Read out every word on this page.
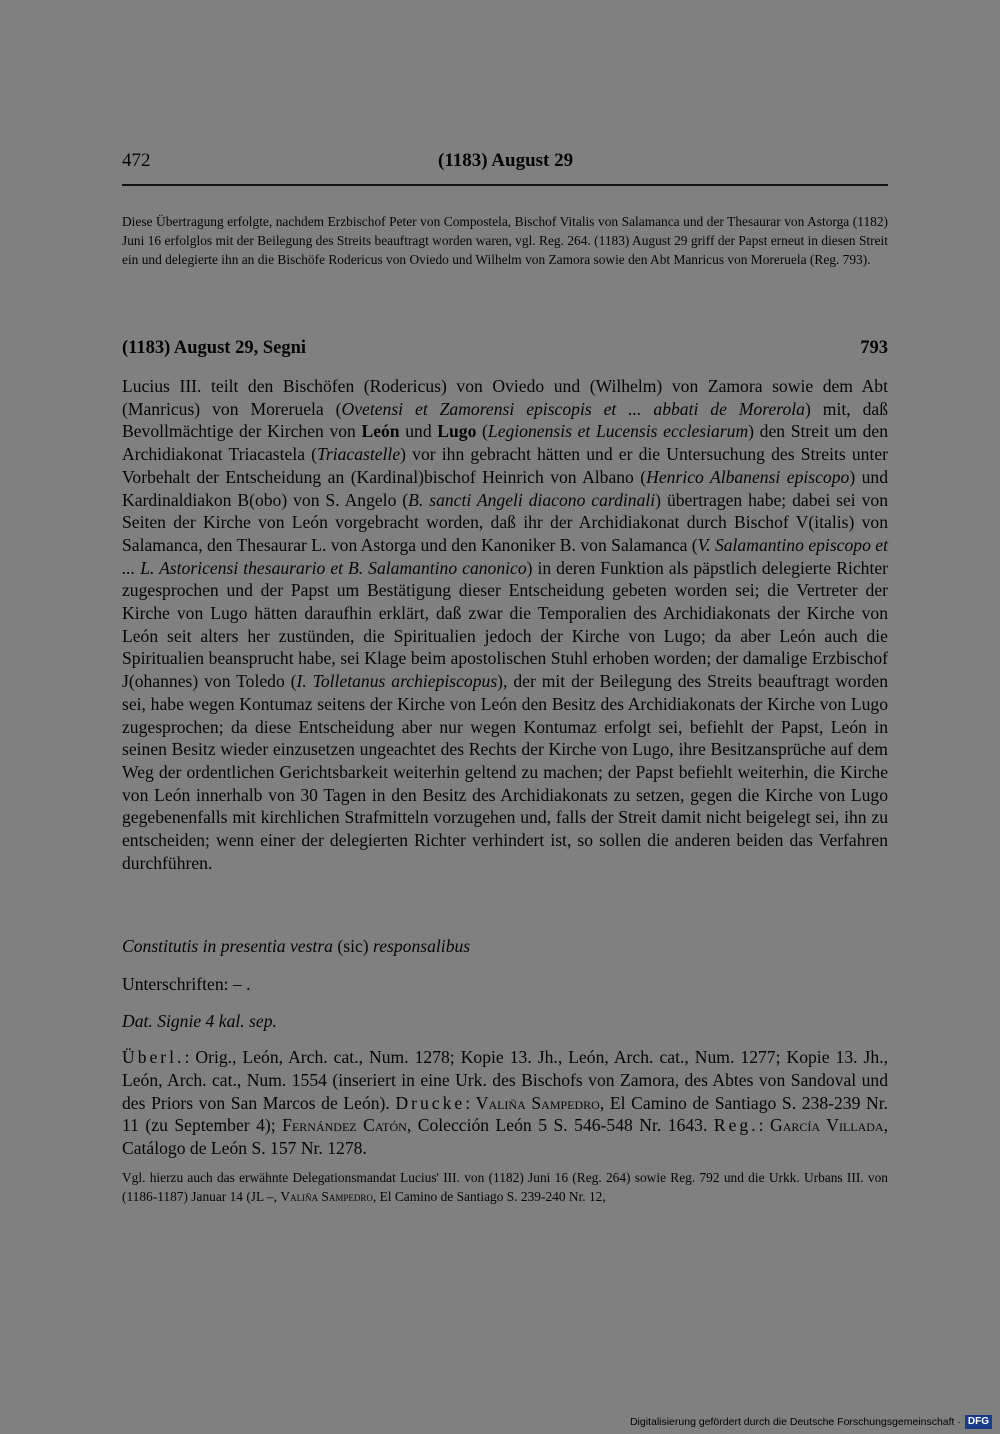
472	(1183) August 29
Diese Übertragung erfolgte, nachdem Erzbischof Peter von Compostela, Bischof Vitalis von Salamanca und der Thesaurar von Astorga (1182) Juni 16 erfolglos mit der Beilegung des Streits beauftragt worden waren, vgl. Reg. 264. (1183) August 29 griff der Papst erneut in diesen Streit ein und delegierte ihn an die Bischöfe Rodericus von Oviedo und Wilhelm von Zamora sowie den Abt Manricus von Moreruela (Reg. 793).
(1183) August 29, Segni	793
Lucius III. teilt den Bischöfen (Rodericus) von Oviedo und (Wilhelm) von Zamora sowie dem Abt (Manricus) von Moreruela (Ovetensi et Zamorensi episcopis et ... abbati de Morerola) mit, daß Bevollmächtige der Kirchen von León und Lugo (Legionensis et Lucensis ecclesiarum) den Streit um den Archidiakonat Triacastela (Triacastelle) vor ihn gebracht hätten und er die Untersuchung des Streits unter Vorbehalt der Entscheidung an (Kardinal)bischof Heinrich von Albano (Henrico Albanensi episcopo) und Kardinaldiakon B(obo) von S. Angelo (B. sancti Angeli diacono cardinali) übertragen habe; dabei sei von Seiten der Kirche von León vorgebracht worden, daß ihr der Archidiakonat durch Bischof V(italis) von Salamanca, den Thesaurar L. von Astorga und den Kanoniker B. von Salamanca (V. Salamantino episcopo et ... L. Astoricensi thesaurario et B. Salamantino canonico) in deren Funktion als päpstlich delegierte Richter zugesprochen und der Papst um Bestätigung dieser Entscheidung gebeten worden sei; die Vertreter der Kirche von Lugo hätten daraufhin erklärt, daß zwar die Temporalien des Archidiakonats der Kirche von León seit alters her zustünden, die Spiritualien jedoch der Kirche von Lugo; da aber León auch die Spiritualien beansprucht habe, sei Klage beim apostolischen Stuhl erhoben worden; der damalige Erzbischof J(ohannes) von Toledo (I. Tolletanus archiepiscopus), der mit der Beilegung des Streits beauftragt worden sei, habe wegen Kontumaz seitens der Kirche von León den Besitz des Archidiakonats der Kirche von Lugo zugesprochen; da diese Entscheidung aber nur wegen Kontumaz erfolgt sei, befiehlt der Papst, León in seinen Besitz wieder einzusetzen ungeachtet des Rechts der Kirche von Lugo, ihre Besitzansprüche auf dem Weg der ordentlichen Gerichtsbarkeit weiterhin geltend zu machen; der Papst befiehlt weiterhin, die Kirche von León innerhalb von 30 Tagen in den Besitz des Archidiakonats zu setzen, gegen die Kirche von Lugo gegebenenfalls mit kirchlichen Strafmitteln vorzugehen und, falls der Streit damit nicht beigelegt sei, ihn zu entscheiden; wenn einer der delegierten Richter verhindert ist, so sollen die anderen beiden das Verfahren durchführen.
Constitutis in presentia vestra (sic) responsalibus
Unterschriften: – .
Dat. Signie 4 kal. sep.
Überl.: Orig., León, Arch. cat., Num. 1278; Kopie 13. Jh., León, Arch. cat., Num. 1277; Kopie 13. Jh., León, Arch. cat., Num. 1554 (inseriert in eine Urk. des Bischofs von Zamora, des Abtes von Sandoval und des Priors von San Marcos de León). Drucke: Valiña Sampedro, El Camino de Santiago S. 238-239 Nr. 11 (zu September 4); Fernández Catón, Colección León 5 S. 546-548 Nr. 1643. Reg.: García Villada, Catálogo de León S. 157 Nr. 1278.
Vgl. hierzu auch das erwähnte Delegationsmandat Lucius' III. von (1182) Juni 16 (Reg. 264) sowie Reg. 792 und die Urkk. Urbans III. von (1186-1187) Januar 14 (JL –, Valiña Sampedro, El Camino de Santiago S. 239-240 Nr. 12,
Digitalisierung gefördert durch die Deutsche Forschungsgemeinschaft · DFG
